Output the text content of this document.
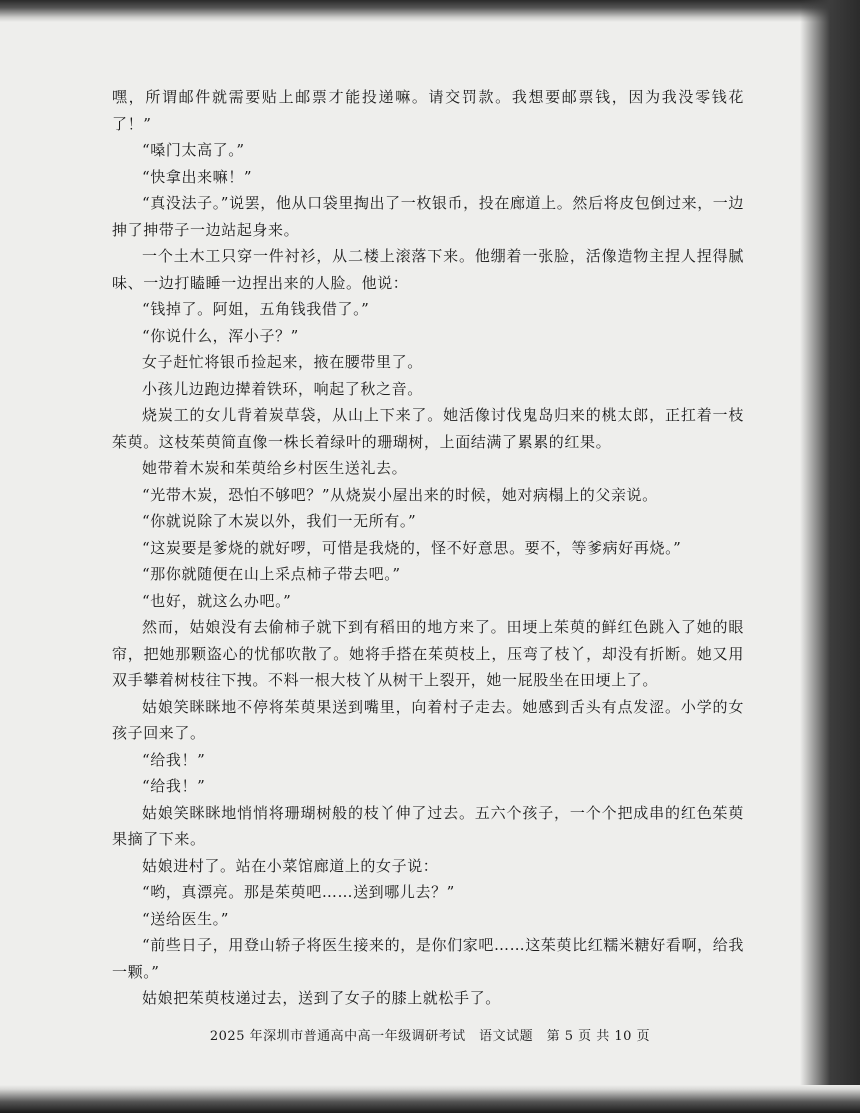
嘿，所谓邮件就需要贴上邮票才能投递嘛。请交罚款。我想要邮票钱，因为我没零钱花了！”

“嗓门太高了。”

“快拿出来嘛！”

“真没法子。”说罢，他从口袋里掏出了一枚银币，投在廊道上。然后将皮包倒过来，一边抻了抻带子一边站起身来。

一个土木工只穿一件衬衫，从二楼上滚落下来。他绷着一张脸，活像造物主捏人捏得腻味、一边打瞌睡一边捏出来的人脸。他说：

“钱掉了。阿姐，五角钱我借了。”

“你说什么，浑小子？”

女子赶忙将银币捡起来，掖在腰带里了。

小孩儿边跑边撵着铁环，响起了秋之音。

烧炭工的女儿背着炭草袋，从山上下来了。她活像讨伐鬼岛归来的桃太郎，正扛着一枝茱萸。这枝茱萸简直像一株长着绿叶的珊瑚树，上面结满了累累的红果。

她带着木炭和茱萸给乡村医生送礼去。

“光带木炭，恐怕不够吧？”从烧炭小屋出来的时候，她对病榻上的父亲说。

“你就说除了木炭以外，我们一无所有。”

“这炭要是爹烧的就好啰，可惜是我烧的，怪不好意思。要不，等爹病好再烧。”

“那你就随便在山上采点柿子带去吧。”

“也好，就这么办吧。”

然而，姑娘没有去偷柿子就下到有稻田的地方来了。田埂上茱萸的鲜红色跳入了她的眼帘，把她那颗盗心的忧郁吹散了。她将手搭在茱萸枝上，压弯了枝丫，却没有折断。她又用双手攀着树枝往下拽。不料一根大枝丫从树干上裂开，她一屁股坐在田埂上了。

姑娘笑眯眯地不停将茱萸果送到嘴里，向着村子走去。她感到舌头有点发涩。小学的女孩子回来了。

“给我！”

“给我！”

姑娘笑眯眯地悄悄将珊瑚树般的枝丫伸了过去。五六个孩子，一个个把成串的红色茱萸果摘了下来。

姑娘进村了。站在小菜馆廊道上的女子说：

“哟，真漂亮。那是茱萸吧……送到哪儿去？”

“送给医生。”

“前些日子，用登山轿子将医生接来的，是你们家吧……这茱萸比红糯米糖好看啊，给我一颗。”

姑娘把茱萸枝递过去，送到了女子的膝上就松手了。

2025 年深圳市普通高中高一年级调研考试　语文试题　第 5 页 共 10 页
